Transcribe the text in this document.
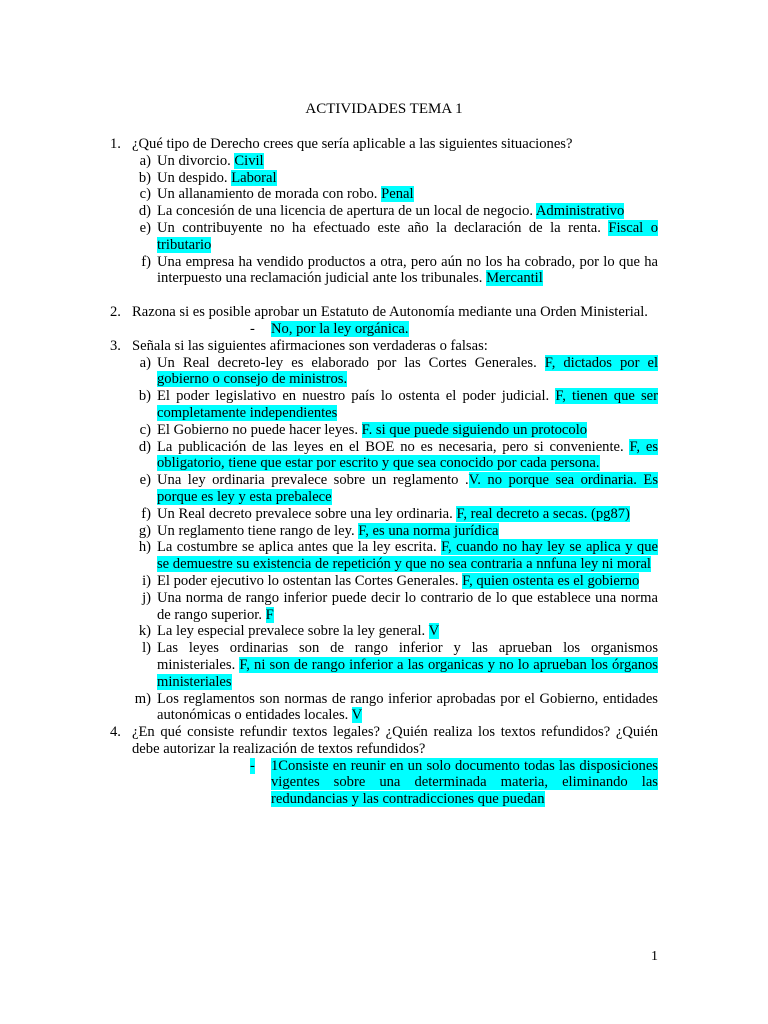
ACTIVIDADES TEMA 1
1. ¿Qué tipo de Derecho crees que sería aplicable a las siguientes situaciones?
a) Un divorcio. Civil
b) Un despido. Laboral
c) Un allanamiento de morada con robo. Penal
d) La concesión de una licencia de apertura de un local de negocio. Administrativo
e) Un contribuyente no ha efectuado este año la declaración de la renta. Fiscal o tributario
f) Una empresa ha vendido productos a otra, pero aún no los ha cobrado, por lo que ha interpuesto una reclamación judicial ante los tribunales. Mercantil
2. Razona si es posible aprobar un Estatuto de Autonomía mediante una Orden Ministerial.
- No, por la ley orgánica.
3. Señala si las siguientes afirmaciones son verdaderas o falsas:
a) Un Real decreto-ley es elaborado por las Cortes Generales. F, dictados por el gobierno o consejo de ministros.
b) El poder legislativo en nuestro país lo ostenta el poder judicial. F, tienen que ser completamente independientes
c) El Gobierno no puede hacer leyes. F. si que puede siguiendo un protocolo
d) La publicación de las leyes en el BOE no es necesaria, pero si conveniente. F, es obligatorio, tiene que estar por escrito y que sea conocido por cada persona.
e) Una ley ordinaria prevalece sobre un reglamento .V. no porque sea ordinaria. Es porque es ley y esta prebalece
f) Un Real decreto prevalece sobre una ley ordinaria. F, real decreto a secas. (pg87)
g) Un reglamento tiene rango de ley. F, es una norma jurídica
h) La costumbre se aplica antes que la ley escrita. F, cuando no hay ley se aplica y que se demuestre su existencia de repetición y que no sea contraria a nnfuna ley ni moral
i) El poder ejecutivo lo ostentan las Cortes Generales. F, quien ostenta es el gobierno
j) Una norma de rango inferior puede decir lo contrario de lo que establece una norma de rango superior. F
k) La ley especial prevalece sobre la ley general. V
l) Las leyes ordinarias son de rango inferior y las aprueban los organismos ministeriales. F, ni son de rango inferior a las organicas y no lo aprueban los órganos ministeriales
m) Los reglamentos son normas de rango inferior aprobadas por el Gobierno, entidades autonómicas o entidades locales. V
4. ¿En qué consiste refundir textos legales? ¿Quién realiza los textos refundidos? ¿Quién debe autorizar la realización de textos refundidos?
- 1Consiste en reunir en un solo documento todas las disposiciones vigentes sobre una determinada materia, eliminando las redundancias y las contradicciones que puedan
1
